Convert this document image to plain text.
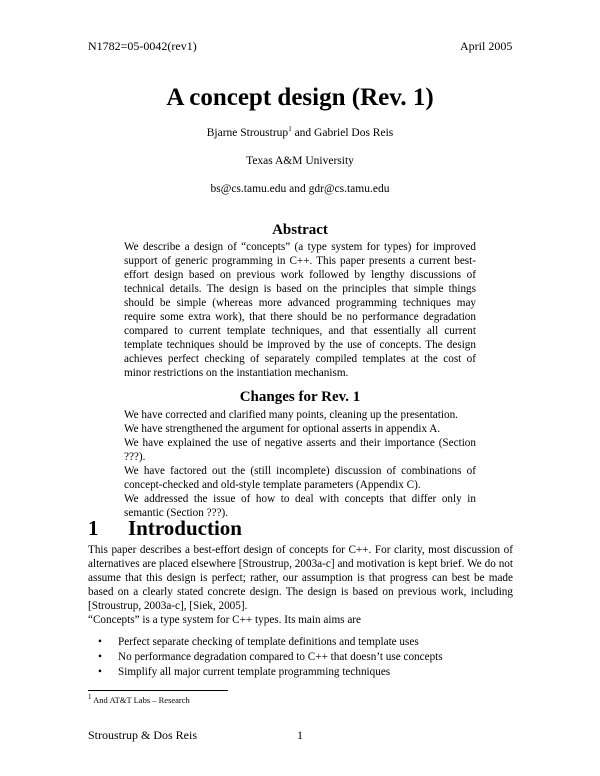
N1782=05-0042(rev1)	April 2005
A concept design (Rev. 1)
Bjarne Stroustrup$^1$ and Gabriel Dos Reis
Texas A&M University
bs@cs.tamu.edu and gdr@cs.tamu.edu
Abstract
We describe a design of “concepts” (a type system for types) for improved support of generic programming in C++. This paper presents a current best-effort design based on previous work followed by lengthy discussions of technical details. The design is based on the principles that simple things should be simple (whereas more advanced programming techniques may require some extra work), that there should be no performance degradation compared to current template techniques, and that essentially all current template techniques should be improved by the use of concepts. The design achieves perfect checking of separately compiled templates at the cost of minor restrictions on the instantiation mechanism.
Changes for Rev. 1
We have corrected and clarified many points, cleaning up the presentation.
We have strengthened the argument for optional asserts in appendix A.
We have explained the use of negative asserts and their importance (Section ???).
We have factored out the (still incomplete) discussion of combinations of concept-checked and old-style template parameters (Appendix C).
We addressed the issue of how to deal with concepts that differ only in semantic (Section ???).
1 Introduction
This paper describes a best-effort design of concepts for C++. For clarity, most discussion of alternatives are placed elsewhere [Stroustrup, 2003a-c] and motivation is kept brief. We do not assume that this design is perfect; rather, our assumption is that progress can best be made based on a clearly stated concrete design. The design is based on previous work, including [Stroustrup, 2003a-c], [Siek, 2005].
“Concepts” is a type system for C++ types. Its main aims are
• Perfect separate checking of template definitions and template uses
• No performance degradation compared to C++ that doesn’t use concepts
• Simplify all major current template programming techniques
$^1$ And AT&T Labs – Research
Stroustrup & Dos Reis	1
